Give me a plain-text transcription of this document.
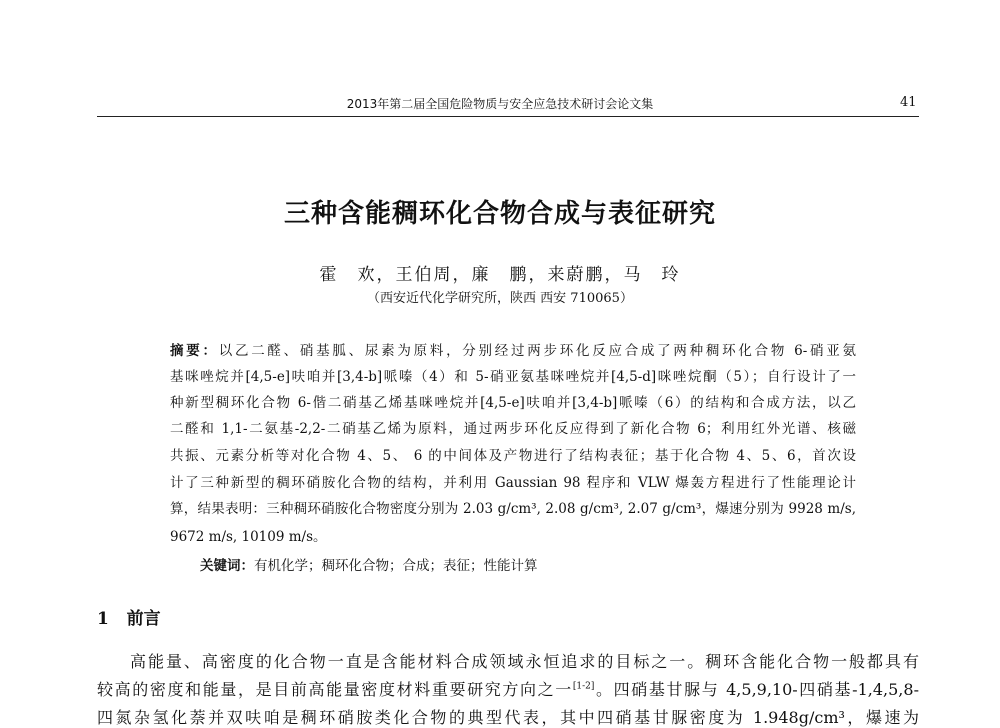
2013年第二届全国危险物质与安全应急技术研讨会论文集	41
三种含能稠环化合物合成与表征研究
霍　欢，王伯周，廉　鹏，来蔚鹏，马　玲
（西安近代化学研究所，陕西 西安 710065）
摘要：以乙二醛、硝基胍、尿素为原料，分别经过两步环化反应合成了两种稠环化合物 6-硝亚氨
基咪唑烷并[4,5-e]呋咱并[3,4-b]哌嗪（4）和 5-硝亚氨基咪唑烷并[4,5-d]咪唑烷酮（5）；自行设计了一
种新型稠环化合物 6-偕二硝基乙烯基咪唑烷并[4,5-e]呋咱并[3,4-b]哌嗪（6）的结构和合成方法，以乙
二醛和 1,1-二氨基-2,2-二硝基乙烯为原料，通过两步环化反应得到了新化合物 6；利用红外光谱、核磁
共振、元素分析等对化合物 4、5、 6 的中间体及产物进行了结构表征；基于化合物 4、5、6，首次设
计了三种新型的稠环硝胺化合物的结构，并利用 Gaussian 98 程序和 VLW 爆轰方程进行了性能理论计
算，结果表明：三种稠环硝胺化合物密度分别为 2.03 g/cm³, 2.08 g/cm³, 2.07 g/cm³，爆速分别为 9928 m/s,
9672 m/s, 10109 m/s。
关键词：有机化学；稠环化合物；合成；表征；性能计算
1 前言
高能量、高密度的化合物一直是含能材料合成领域永恒追求的目标之一。稠环含能化合物一般都具有
较高的密度和能量，是目前高能量密度材料重要研究方向之一[1-2]。四硝基甘脲与 4,5,9,10-四硝基-1,4,5,8-
四氮杂氢化萘并双呋咱是稠环硝胺类化合物的典型代表，其中四硝基甘脲密度为 1.948g/cm³，爆速为
